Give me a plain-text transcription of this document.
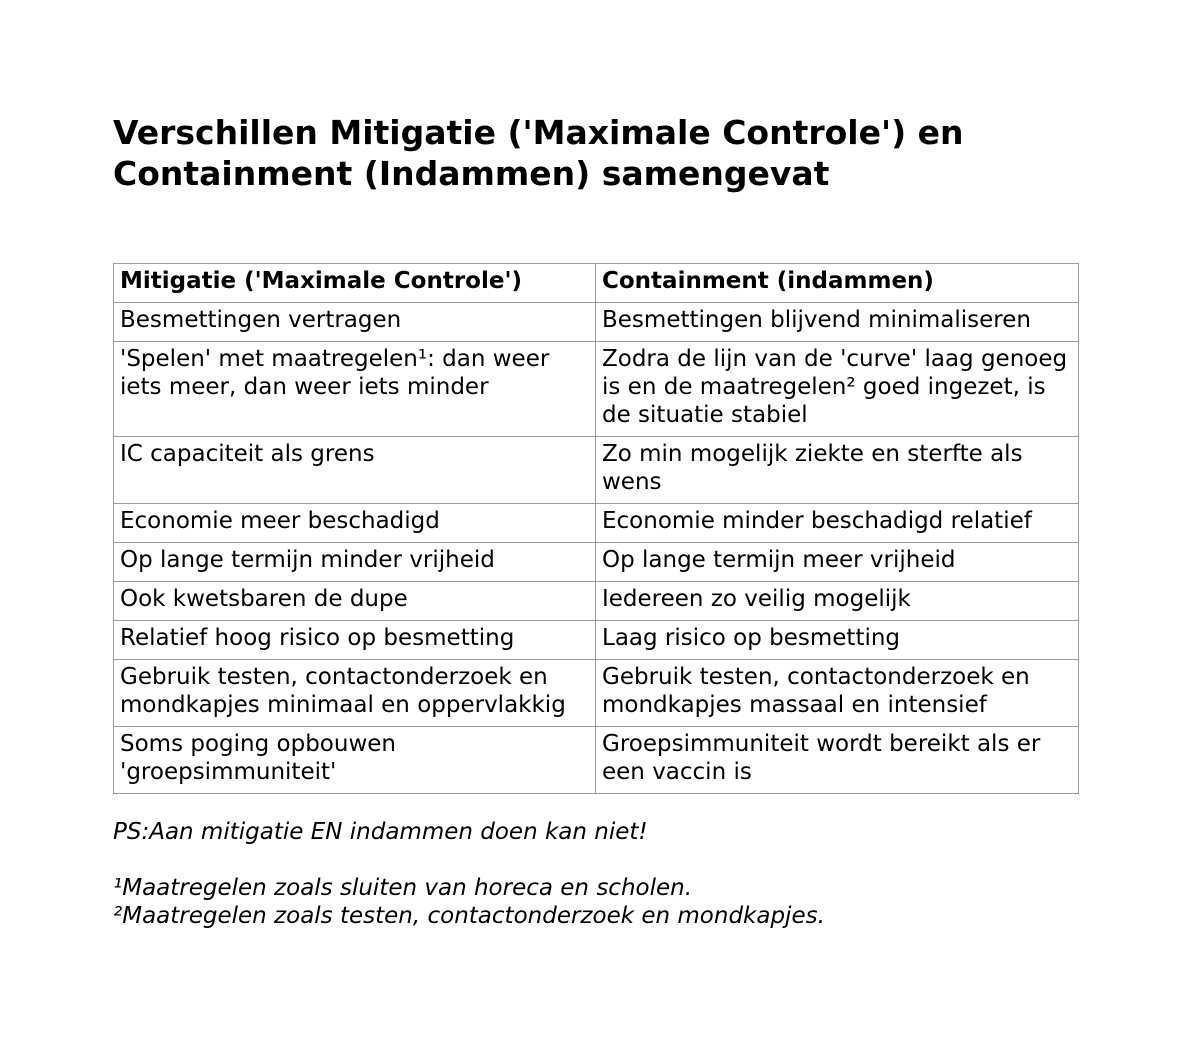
Verschillen Mitigatie ('Maximale Controle') en Containment (Indammen) samengevat
Mitigatie ('Maximale Controle')	Containment (indammen)
Besmettingen vertragen	Besmettingen blijvend minimaliseren
'Spelen' met maatregelen¹: dan weer iets meer, dan weer iets minder	Zodra de lijn van de 'curve' laag genoeg is en de maatregelen² goed ingezet, is de situatie stabiel
IC capaciteit als grens	Zo min mogelijk ziekte en sterfte als wens
Economie meer beschadigd	Economie minder beschadigd relatief
Op lange termijn minder vrijheid	Op lange termijn meer vrijheid
Ook kwetsbaren de dupe	Iedereen zo veilig mogelijk
Relatief hoog risico op besmetting	Laag risico op besmetting
Gebruik testen, contactonderzoek en mondkapjes minimaal en oppervlakkig	Gebruik testen, contactonderzoek en mondkapjes massaal en intensief
Soms poging opbouwen 'groepsimmuniteit'	Groepsimmuniteit wordt bereikt als er een vaccin is

PS:Aan mitigatie EN indammen doen kan niet!

¹Maatregelen zoals sluiten van horeca en scholen.

²Maatregelen zoals testen, contactonderzoek en mondkapjes.
